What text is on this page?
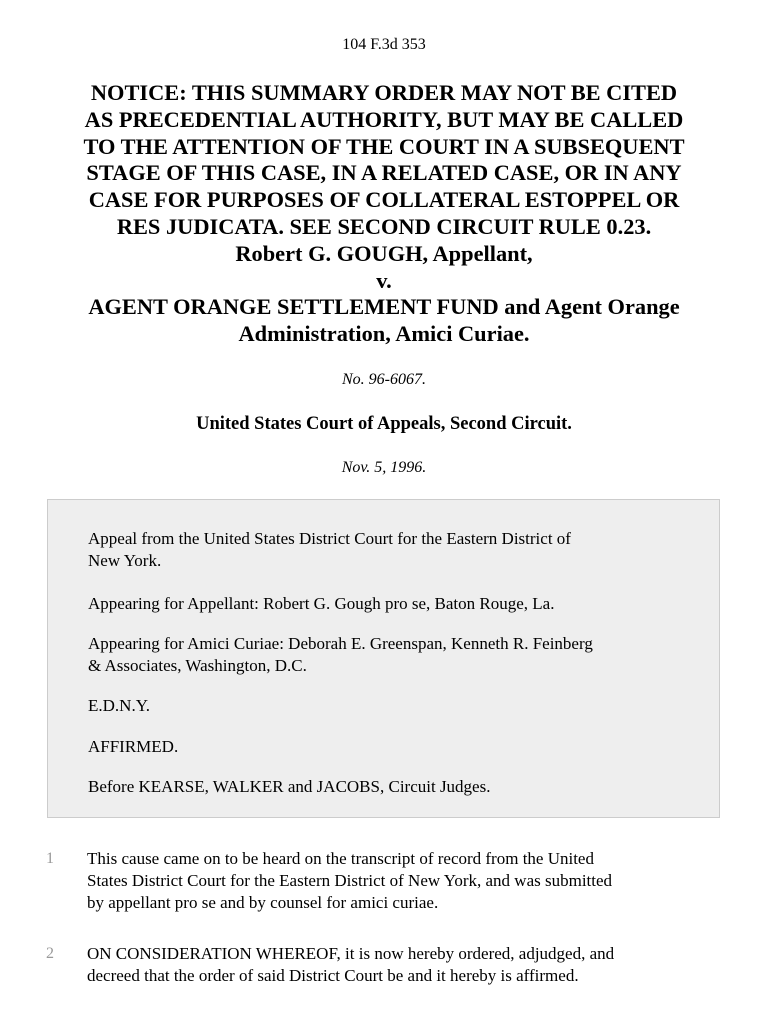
104 F.3d 353
NOTICE: THIS SUMMARY ORDER MAY NOT BE CITED
AS PRECEDENTIAL AUTHORITY, BUT MAY BE CALLED
TO THE ATTENTION OF THE COURT IN A SUBSEQUENT
STAGE OF THIS CASE, IN A RELATED CASE, OR IN ANY
CASE FOR PURPOSES OF COLLATERAL ESTOPPEL OR
RES JUDICATA. SEE SECOND CIRCUIT RULE 0.23.
Robert G. GOUGH, Appellant,
v.
AGENT ORANGE SETTLEMENT FUND and Agent Orange
Administration, Amici Curiae.
No. 96-6067.
United States Court of Appeals, Second Circuit.
Nov. 5, 1996.

Appeal from the United States District Court for the Eastern District of
New York.

Appearing for Appellant: Robert G. Gough pro se, Baton Rouge, La.

Appearing for Amici Curiae: Deborah E. Greenspan, Kenneth R. Feinberg
& Associates, Washington, D.C.

E.D.N.Y.

AFFIRMED.

Before KEARSE, WALKER and JACOBS, Circuit Judges.

1 This cause came on to be heard on the transcript of record from the United
States District Court for the Eastern District of New York, and was submitted
by appellant pro se and by counsel for amici curiae.
2 ON CONSIDERATION WHEREOF, it is now hereby ordered, adjudged, and
decreed that the order of said District Court be and it hereby is affirmed.
